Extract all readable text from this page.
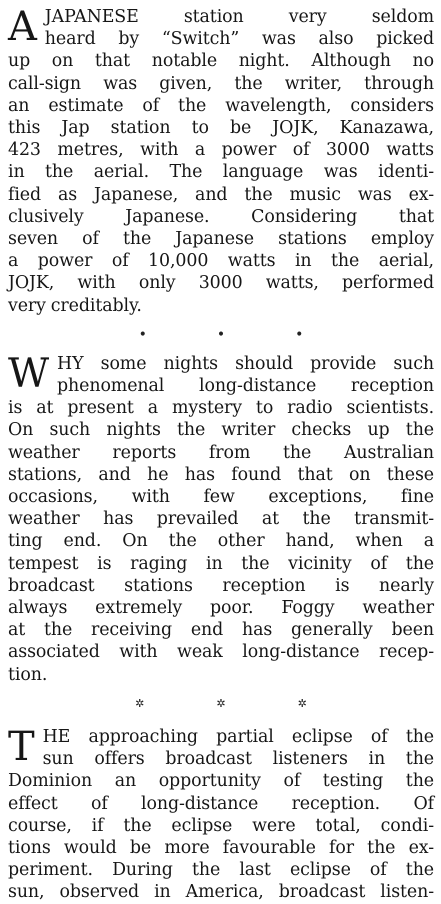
A JAPANESE station very seldom
heard by “Switch” was also picked
up on that notable night. Although no
call-sign was given, the writer, through
an estimate of the wavelength, considers
this Jap station to be JOJK, Kanazawa,
423 metres, with a power of 3000 watts
in the aerial. The language was identi-
fied as Japanese, and the music was ex-
clusively Japanese. Considering that
seven of the Japanese stations employ
a power of 10,000 watts in the aerial,
JOJK, with only 3000 watts, performed
very creditably.

•	•	•

W HY some nights should provide such
phenomenal long-distance reception
is at present a mystery to radio scientists.
On such nights the writer checks up the
weather reports from the Australian
stations, and he has found that on these
occasions, with few exceptions, fine
weather has prevailed at the transmit-
ting end. On the other hand, when a
tempest is raging in the vicinity of the
broadcast stations reception is nearly
always extremely poor. Foggy weather
at the receiving end has generally been
associated with weak long-distance recep-
tion.

✲	✲	✲

T HE approaching partial eclipse of the
sun offers broadcast listeners in the
Dominion an opportunity of testing the
effect of long-distance reception. Of
course, if the eclipse were total, condi-
tions would be more favourable for the ex-
periment. During the last eclipse of the
sun, observed in America, broadcast listen-
